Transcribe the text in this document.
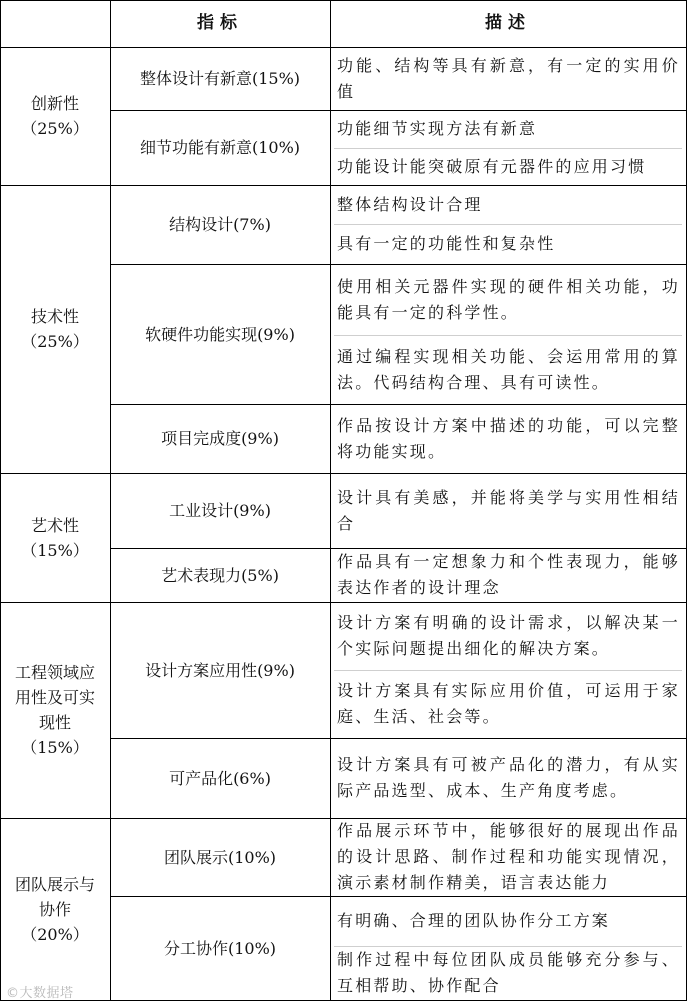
指标	描述
创新性
（25%）
技术性
（25%）
艺术性
（15%）
工程领域应
用性及可实
现性
（15%）
团队展示与
协作
（20%）
整体设计有新意(15%)
细节功能有新意(10%)
结构设计(7%)
软硬件功能实现(9%)
项目完成度(9%)
工业设计(9%)
艺术表现力(5%)
设计方案应用性(9%)
可产品化(6%)
团队展示(10%)
分工协作(10%)
功能、结构等具有新意，有一定的实用价值
功能细节实现方法有新意
功能设计能突破原有元器件的应用习惯
整体结构设计合理
具有一定的功能性和复杂性
使用相关元器件实现的硬件相关功能，功能具有一定的科学性。
通过编程实现相关功能、会运用常用的算法。代码结构合理、具有可读性。
作品按设计方案中描述的功能，可以完整将功能实现。
设计具有美感，并能将美学与实用性相结合
作品具有一定想象力和个性表现力，能够表达作者的设计理念
设计方案有明确的设计需求，以解决某一个实际问题提出细化的解决方案。
设计方案具有实际应用价值，可运用于家庭、生活、社会等。
设计方案具有可被产品化的潜力，有从实际产品选型、成本、生产角度考虑。
作品展示环节中，能够很好的展现出作品的设计思路、制作过程和功能实现情况，演示素材制作精美，语言表达能力
有明确、合理的团队协作分工方案
制作过程中每位团队成员能够充分参与、互相帮助、协作配合
©大数据塔
